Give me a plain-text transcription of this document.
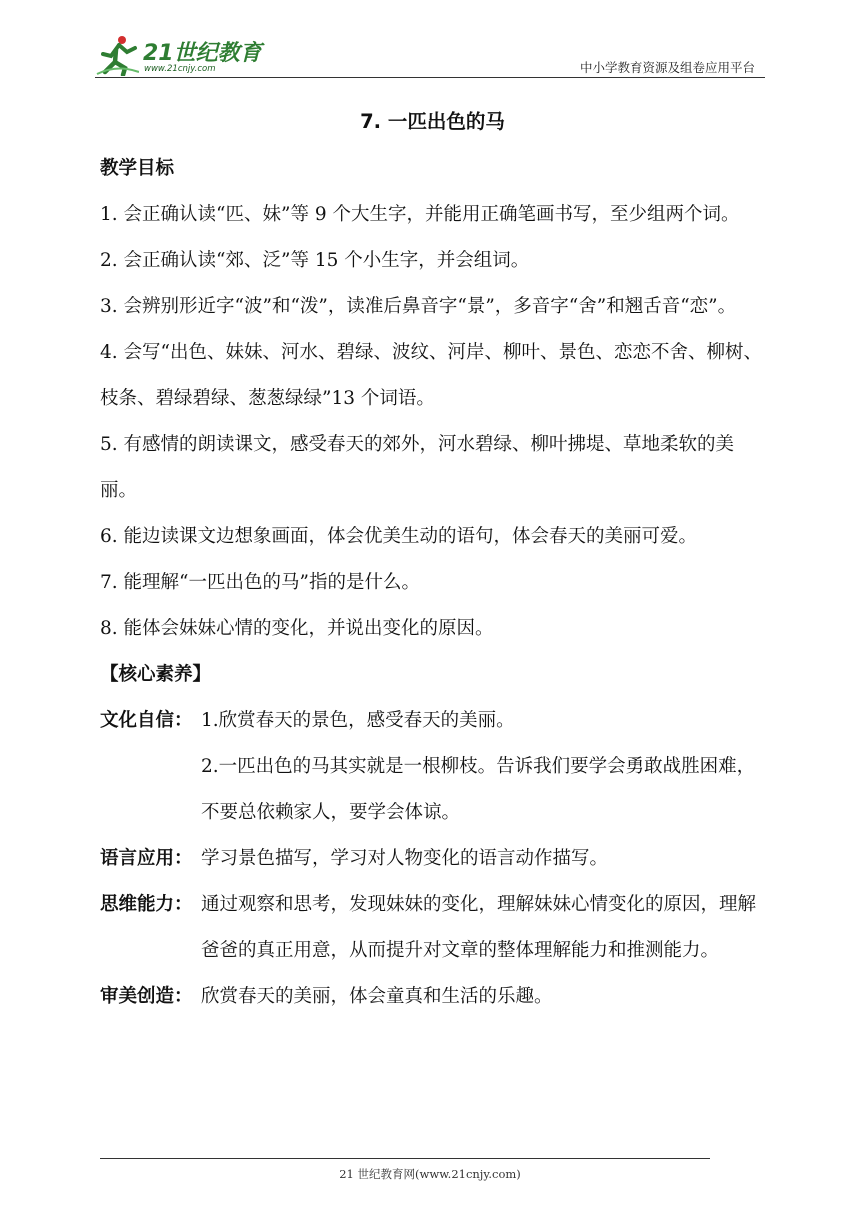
21世纪教育
www.21cnjy.com	中小学教育资源及组卷应用平台
7. 一匹出色的马
教学目标

1. 会正确认读“匹、妹”等 9 个大生字，并能用正确笔画书写，至少组两个词。

2. 会正确认读“郊、泛”等 15 个小生字，并会组词。

3. 会辨别形近字“波”和“泼”，读准后鼻音字“景”，多音字“舍”和翘舌音“恋”。

4. 会写“出色、妹妹、河水、碧绿、波纹、河岸、柳叶、景色、恋恋不舍、柳树、枝条、碧绿碧绿、葱葱绿绿”13 个词语。

5. 有感情的朗读课文，感受春天的郊外，河水碧绿、柳叶拂堤、草地柔软的美丽。

6. 能边读课文边想象画面，体会优美生动的语句，体会春天的美丽可爱。

7. 能理解“一匹出色的马”指的是什么。

8. 能体会妹妹心情的变化，并说出变化的原因。

【核心素养】
文化自信： 1.欣赏春天的景色，感受春天的美丽。
2.一匹出色的马其实就是一根柳枝。告诉我们要学会勇敢战胜困难，不要总依赖家人，要学会体谅。
语言应用： 学习景色描写，学习对人物变化的语言动作描写。
思维能力： 通过观察和思考，发现妹妹的变化，理解妹妹心情变化的原因，理解爸爸的真正用意，从而提升对文章的整体理解能力和推测能力。
审美创造： 欣赏春天的美丽，体会童真和生活的乐趣。
21 世纪教育网(www.21cnjy.com)
